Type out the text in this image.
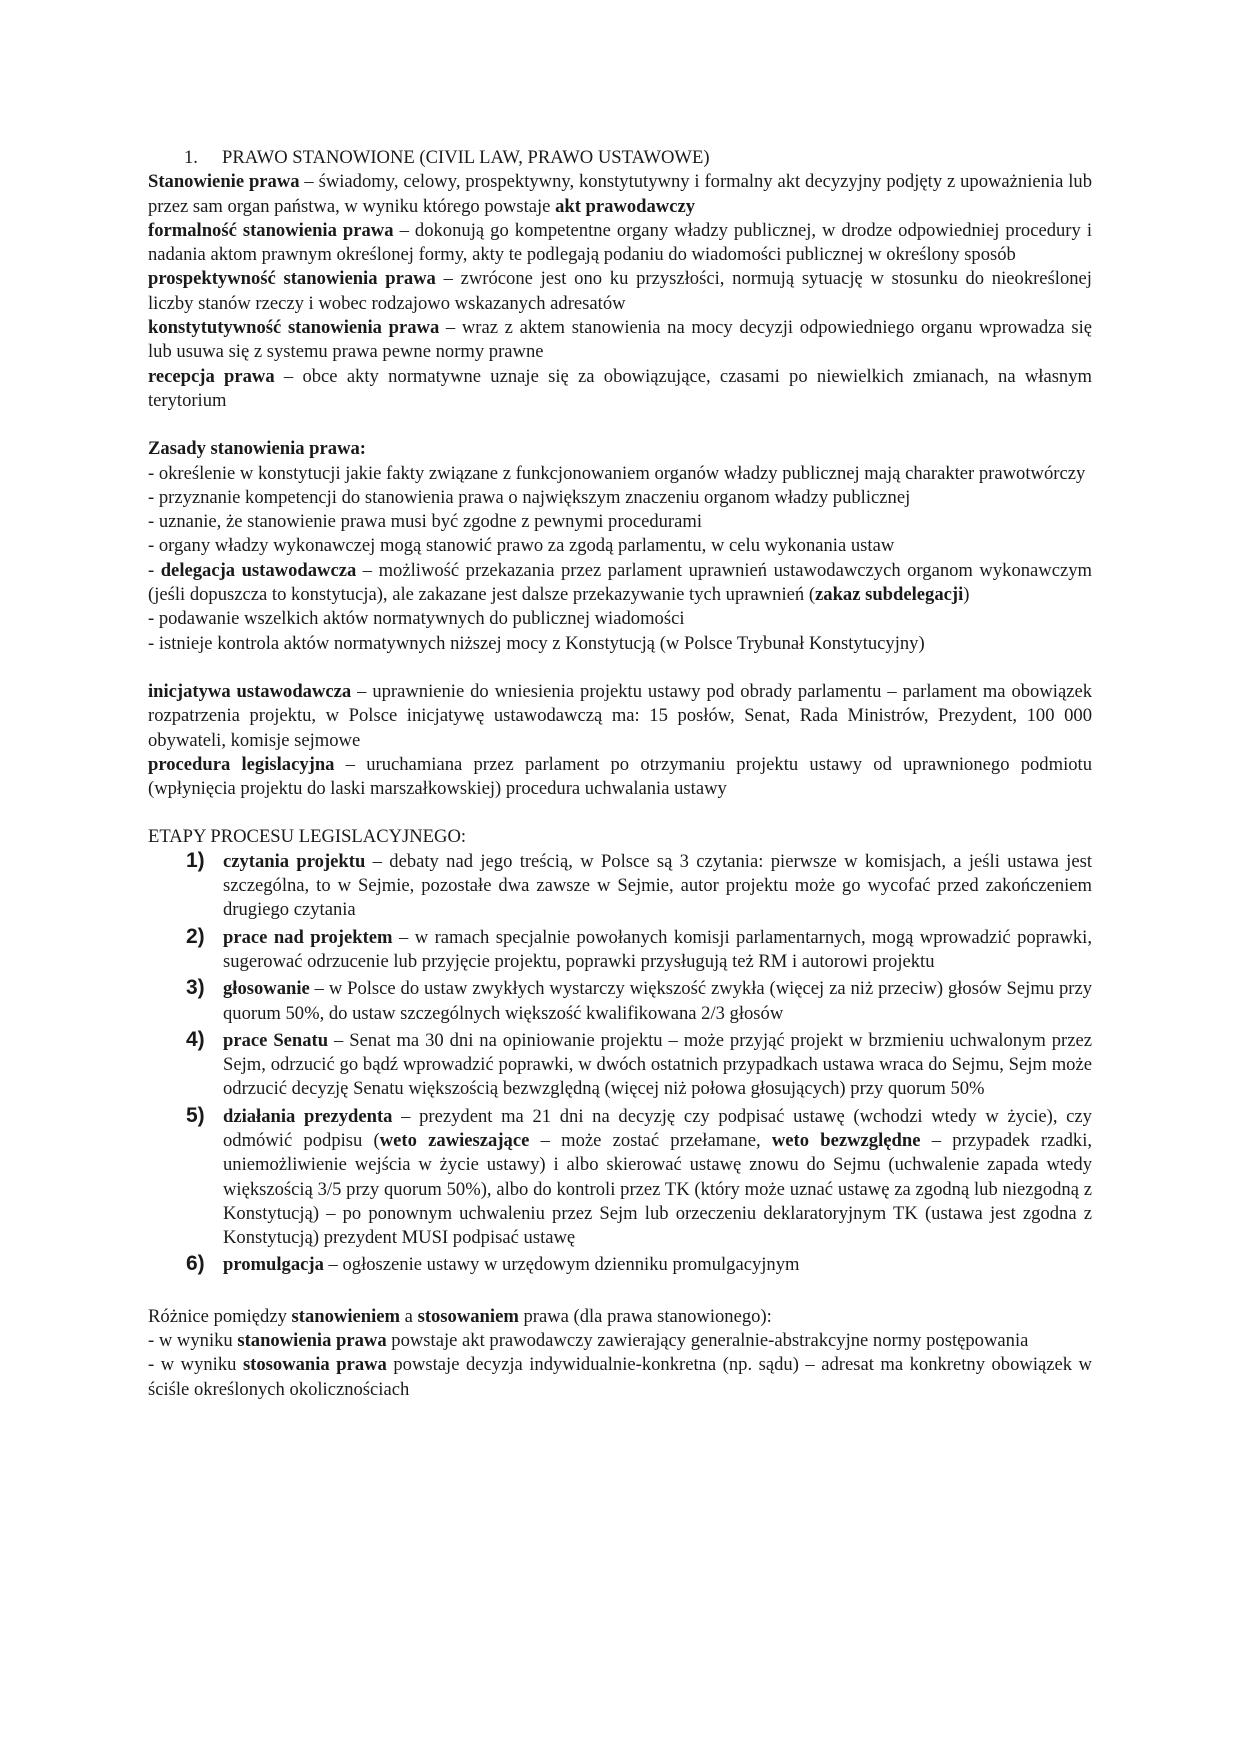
1. PRAWO STANOWIONE (CIVIL LAW, PRAWO USTAWOWE)

Stanowienie prawa – świadomy, celowy, prospektywny, konstytutywny i formalny akt decyzyjny podjęty z upoważnienia lub przez sam organ państwa, w wyniku którego powstaje akt prawodawczy

formalność stanowienia prawa – dokonują go kompetentne organy władzy publicznej, w drodze odpowiedniej procedury i nadania aktom prawnym określonej formy, akty te podlegają podaniu do wiadomości publicznej w określony sposób

prospektywność stanowienia prawa – zwrócone jest ono ku przyszłości, normują sytuację w stosunku do nieokreślonej liczby stanów rzeczy i wobec rodzajowo wskazanych adresatów

konstytutywność stanowienia prawa – wraz z aktem stanowienia na mocy decyzji odpowiedniego organu wprowadza się lub usuwa się z systemu prawa pewne normy prawne

recepcja prawa – obce akty normatywne uznaje się za obowiązujące, czasami po niewielkich zmianach, na własnym terytorium

Zasady stanowienia prawa:

- określenie w konstytucji jakie fakty związane z funkcjonowaniem organów władzy publicznej mają charakter prawotwórczy

- przyznanie kompetencji do stanowienia prawa o największym znaczeniu organom władzy publicznej

- uznanie, że stanowienie prawa musi być zgodne z pewnymi procedurami

- organy władzy wykonawczej mogą stanowić prawo za zgodą parlamentu, w celu wykonania ustaw

- delegacja ustawodawcza – możliwość przekazania przez parlament uprawnień ustawodawczych organom wykonawczym (jeśli dopuszcza to konstytucja), ale zakazane jest dalsze przekazywanie tych uprawnień (zakaz subdelegacji)

- podawanie wszelkich aktów normatywnych do publicznej wiadomości

- istnieje kontrola aktów normatywnych niższej mocy z Konstytucją (w Polsce Trybunał Konstytucyjny)

inicjatywa ustawodawcza – uprawnienie do wniesienia projektu ustawy pod obrady parlamentu – parlament ma obowiązek rozpatrzenia projektu, w Polsce inicjatywę ustawodawczą ma: 15 posłów, Senat, Rada Ministrów, Prezydent, 100 000 obywateli, komisje sejmowe

procedura legislacyjna – uruchamiana przez parlament po otrzymaniu projektu ustawy od uprawnionego podmiotu (wpłynięcia projektu do laski marszałkowskiej) procedura uchwalania ustawy

ETAPY PROCESU LEGISLACYJNEGO:

1) czytania projektu – debaty nad jego treścią, w Polsce są 3 czytania: pierwsze w komisjach, a jeśli ustawa jest szczególna, to w Sejmie, pozostałe dwa zawsze w Sejmie, autor projektu może go wycofać przed zakończeniem drugiego czytania
2) prace nad projektem – w ramach specjalnie powołanych komisji parlamentarnych, mogą wprowadzić poprawki, sugerować odrzucenie lub przyjęcie projektu, poprawki przysługują też RM i autorowi projektu
3) głosowanie – w Polsce do ustaw zwykłych wystarczy większość zwykła (więcej za niż przeciw) głosów Sejmu przy quorum 50%, do ustaw szczególnych większość kwalifikowana 2/3 głosów
4) prace Senatu – Senat ma 30 dni na opiniowanie projektu – może przyjąć projekt w brzmieniu uchwalonym przez Sejm, odrzucić go bądź wprowadzić poprawki, w dwóch ostatnich przypadkach ustawa wraca do Sejmu, Sejm może odrzucić decyzję Senatu większością bezwzględną (więcej niż połowa głosujących) przy quorum 50%
5) działania prezydenta – prezydent ma 21 dni na decyzję czy podpisać ustawę (wchodzi wtedy w życie), czy odmówić podpisu (weto zawieszające – może zostać przełamane, weto bezwzględne – przypadek rzadki, uniemożliwienie wejścia w życie ustawy) i albo skierować ustawę znowu do Sejmu (uchwalenie zapada wtedy większością 3/5 przy quorum 50%), albo do kontroli przez TK (który może uznać ustawę za zgodną lub niezgodną z Konstytucją) – po ponownym uchwaleniu przez Sejm lub orzeczeniu deklaratoryjnym TK (ustawa jest zgodna z Konstytucją) prezydent MUSI podpisać ustawę
6) promulgacja – ogłoszenie ustawy w urzędowym dzienniku promulgacyjnym

Różnice pomiędzy stanowieniem a stosowaniem prawa (dla prawa stanowionego):

- w wyniku stanowienia prawa powstaje akt prawodawczy zawierający generalnie-abstrakcyjne normy postępowania

- w wyniku stosowania prawa powstaje decyzja indywidualnie-konkretna (np. sądu) – adresat ma konkretny obowiązek w ściśle określonych okolicznościach
